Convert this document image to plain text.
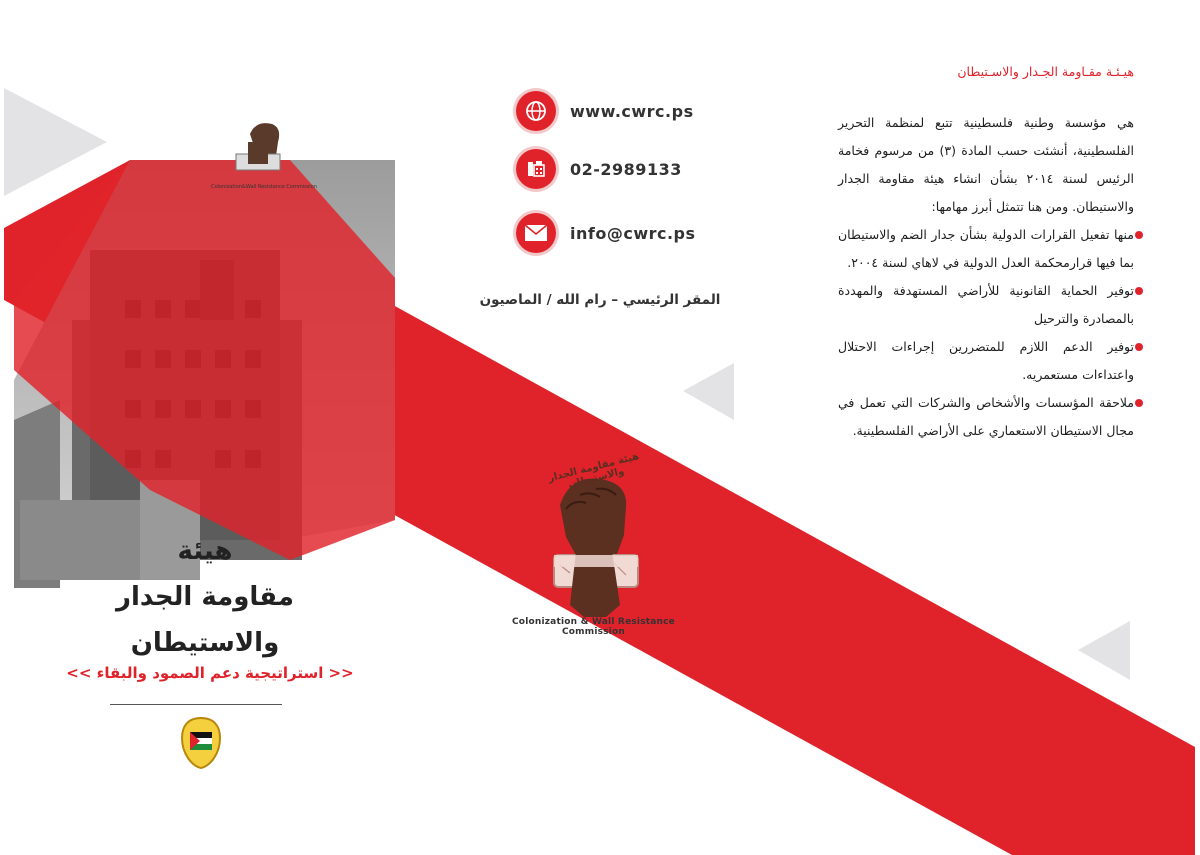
Colonization&Wall Resistance Commission
هيئة
مقاومة الجدار
والاستيطان
<< استراتيجية دعم الصمود والبقاء >>
www.cwrc.ps
02-2989133
info@cwrc.ps
المقر الرئيسي – رام الله / الماصيون
هيئة مقاومة الجدار والاستيطان
Colonization & Wall Resistance Commission

هيـئـة مقـاومة الجـدار والاسـتيطان

هي مؤسسة وطنية فلسطينية تتبع لمنظمة التحرير الفلسطينية، أنشئت حسب المادة (٣) من مرسوم فخامة الرئيس لسنة ٢٠١٤ بشأن انشاء هيئة مقاومة الجدار والاستيطان. ومن هنا تتمثل أبرز مهامها:

منها تفعيل القرارات الدولية بشأن جدار الضم والاستيطان بما فيها قرارمحكمة العدل الدولية في لاهاي لسنة ٢٠٠٤.
توفير الحماية القانونية للأراضي المستهدفة والمهددة بالمصادرة والترحيل
توفير الدعم اللازم للمتضررين إجراءات الاحتلال واعتداءات مستعمريه.
ملاحقة المؤسسات والأشخاص والشركات التي تعمل في مجال الاستيطان الاستعماري على الأراضي الفلسطينية.
